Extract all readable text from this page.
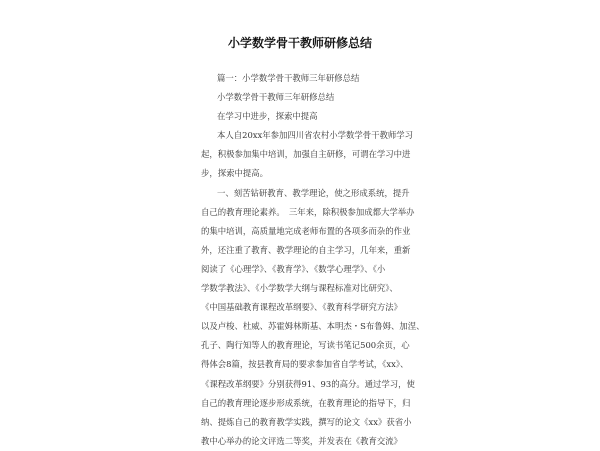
小学数学骨干教师研修总结

篇一：小学数学骨干教师三年研修总结

小学数学骨干教师三年研修总结

在学习中进步，探索中提高

本人自20xx年参加四川省农村小学数学骨干教师学习

起，积极参加集中培训，加强自主研修，可谓在学习中进

步，探索中提高。

一、刻苦钻研教育、教学理论，使之形成系统，提升

自己的教育理论素养。　三年来，除积极参加成都大学举办

的集中培训，高质量地完成老师布置的各项多而杂的作业

外，还注重了教育、教学理论的自主学习，几年来，重新

阅读了《心理学》、《教育学》、《数学心理学》、《小

学数学教法》、《小学数学大纲与课程标准对比研究》、

《中国基础教育课程改革纲要》、《教育科学研究方法》

以及卢梭、杜威、苏霍姆林斯基、本明杰・S布鲁姆、加涅、

孔子、陶行知等人的教育理论，写读书笔记500余页，心

得体会8篇，按县教育局的要求参加省自学考试，《xx》、

《课程改革纲要》分别获得91、93的高分。通过学习，使

自己的教育理论逐步形成系统，在教育理论的指导下，归

纳、提炼自己的教育教学实践，撰写的论文《xx》获省小

教中心举办的论文评选二等奖，并发表在《教育交流》
